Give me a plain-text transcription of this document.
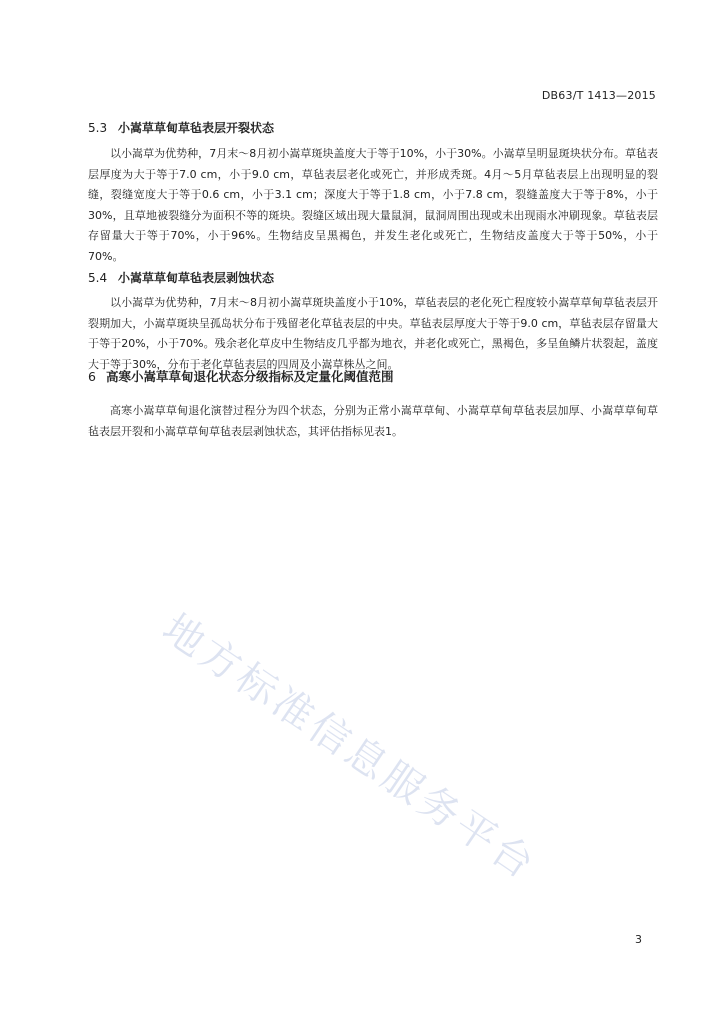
DB63/T 1413—2015
5.3 小嵩草草甸草毡表层开裂状态
以小嵩草为优势种，7月末～8月初小嵩草斑块盖度大于等于10%，小于30%。小嵩草呈明显斑块状分布。草毡表层厚度为大于等于7.0 cm，小于9.0 cm，草毡表层老化或死亡，并形成秃斑。4月～5月草毡表层上出现明显的裂缝，裂缝宽度大于等于0.6 cm，小于3.1 cm；深度大于等于1.8 cm，小于7.8 cm，裂缝盖度大于等于8%，小于30%，且草地被裂缝分为面积不等的斑块。裂缝区域出现大量鼠洞，鼠洞周围出现或未出现雨水冲刷现象。草毡表层存留量大于等于70%，小于96%。生物结皮呈黑褐色，并发生老化或死亡，生物结皮盖度大于等于50%，小于70%。
5.4 小嵩草草甸草毡表层剥蚀状态
以小嵩草为优势种，7月末～8月初小嵩草斑块盖度小于10%，草毡表层的老化死亡程度较小嵩草草甸草毡表层开裂期加大，小嵩草斑块呈孤岛状分布于残留老化草毡表层的中央。草毡表层厚度大于等于9.0 cm，草毡表层存留量大于等于20%，小于70%。残余老化草皮中生物结皮几乎都为地衣，并老化或死亡，黑褐色，多呈鱼鳞片状裂起，盖度大于等于30%，分布于老化草毡表层的四周及小嵩草株丛之间。
6 高寒小嵩草草甸退化状态分级指标及定量化阈值范围
高寒小嵩草草甸退化演替过程分为四个状态，分别为正常小嵩草草甸、小嵩草草甸草毡表层加厚、小嵩草草甸草毡表层开裂和小嵩草草甸草毡表层剥蚀状态，其评估指标见表1。
地方标准信息服务平台
3
